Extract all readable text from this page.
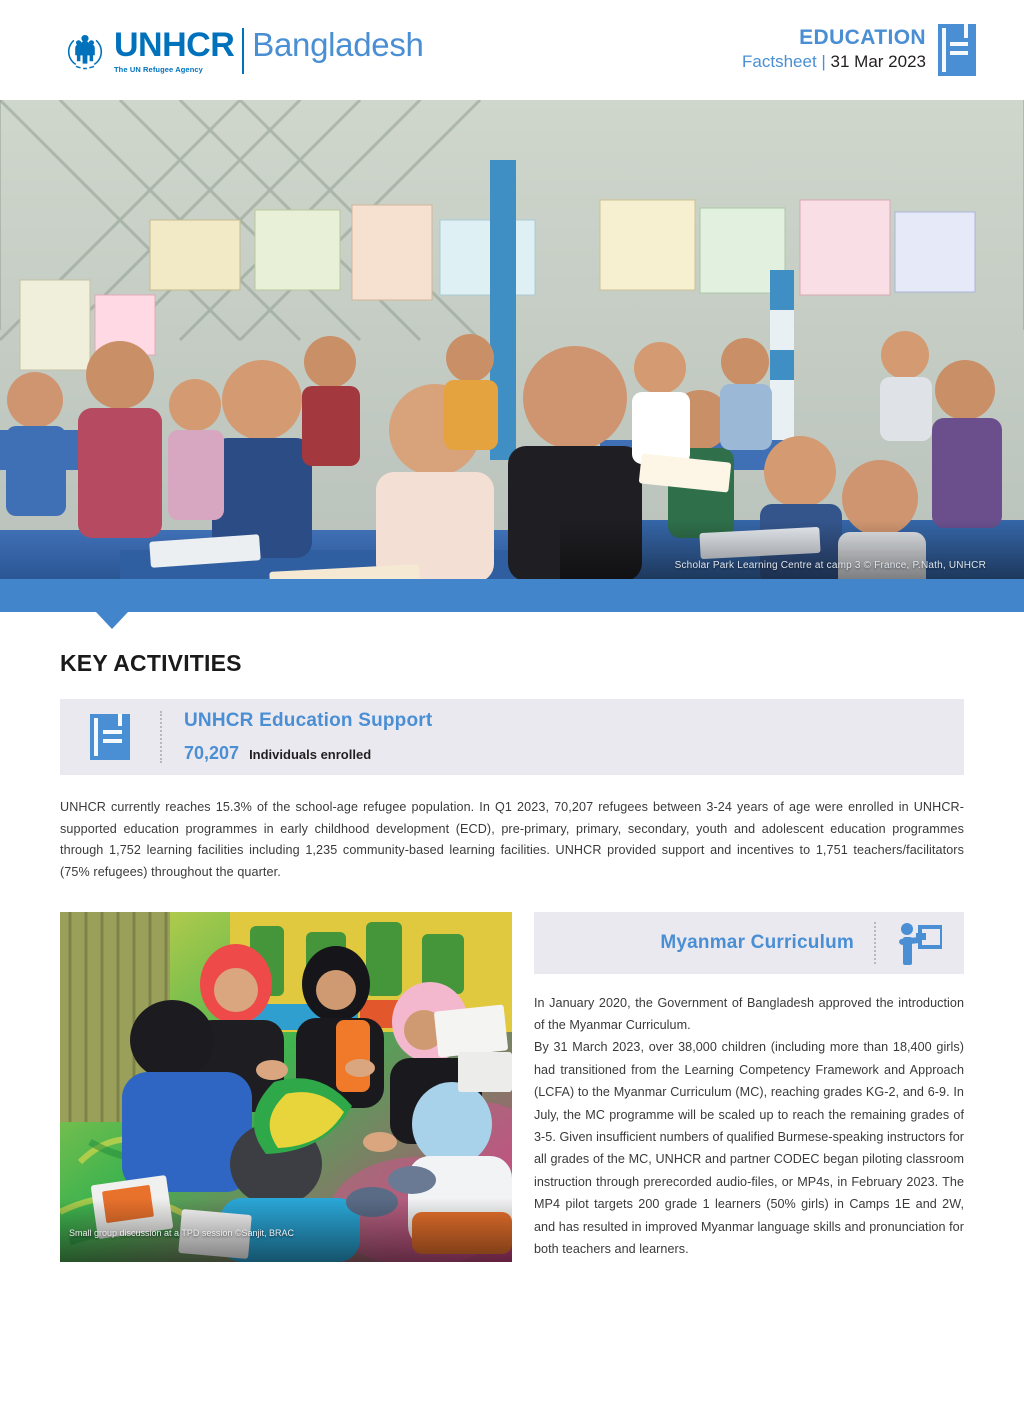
UNHCR
The UN Refugee Agency
Bangladesh	EDUCATION
Factsheet | 31 Mar 2023
Scholar Park Learning Centre at camp 3 © France, P.Nath, UNHCR
KEY ACTIVITIES
UNHCR Education Support
70,207 Individuals enrolled

UNHCR currently reaches 15.3% of the school-age refugee population. In Q1 2023, 70,207 refugees between 3-24 years of age were enrolled in UNHCR-supported education programmes in early childhood development (ECD), pre-primary, primary, secondary, youth and adolescent education programmes through 1,752 learning facilities including 1,235 community-based learning facilities. UNHCR provided support and incentives to 1,751 teachers/facilitators (75% refugees) throughout the quarter.

Small group discussion at a TPD session ©Sanjit, BRAC
Myanmar Curriculum

In January 2020, the Government of Bangladesh approved the introduction of the Myanmar Curriculum.

By 31 March 2023, over 38,000 children (including more than 18,400 girls) had transitioned from the Learning Competency Framework and Approach (LCFA) to the Myanmar Curriculum (MC), reaching grades KG-2, and 6-9. In July, the MC programme will be scaled up to reach the remaining grades of 3-5. Given insufficient numbers of qualified Burmese-speaking instructors for all grades of the MC, UNHCR and partner CODEC began piloting classroom instruction through prerecorded audio-files, or MP4s, in February 2023. The MP4 pilot targets 200 grade 1 learners (50% girls) in Camps 1E and 2W, and has resulted in improved Myanmar language skills and pronunciation for both teachers and learners.
